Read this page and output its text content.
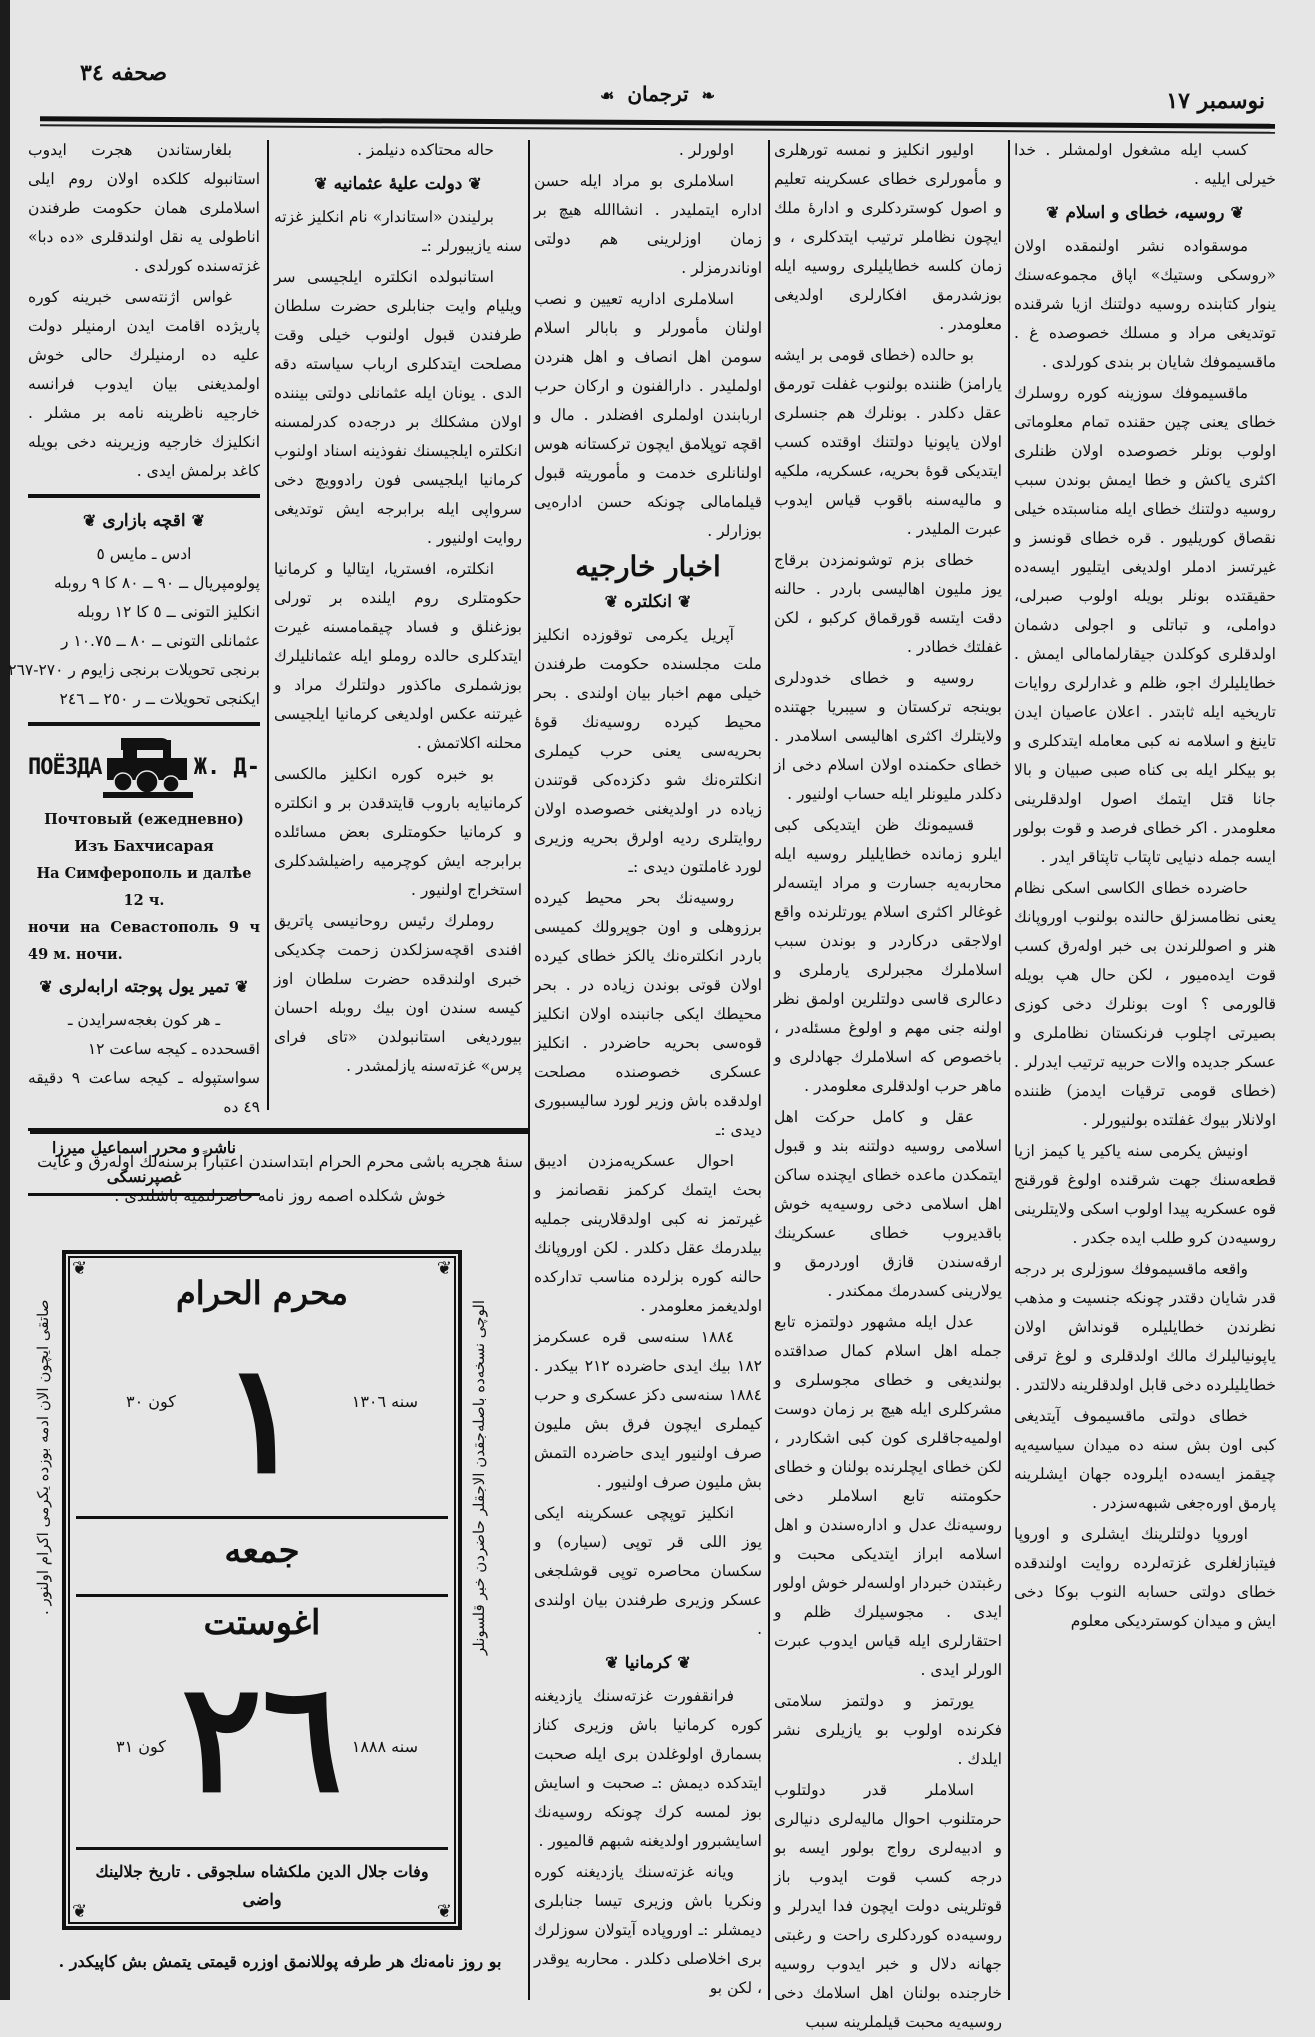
صحفه ٣٤
❧ ترجمان ☙	نوسمبر ١٧

بلغارستاندن هجرت ایدوب استانبوله كلكده اولان روم ایلی اسلاملری همان حكومت طرفندن اناطولی یه نقل اولندقلری «ده دبا» غزته‌سنده كورلدی .

غواس اژنته‌سی خبرینه كوره پاریژده اقامت ایدن ارمنیلر دولت علیه ده ارمنیلرك حالی خوش اولمدیغنی بیان ایدوب فرانسه خارجیه ناظرینه نامه بر مشلر . انكلیزك خارجیه وزیرینه دخی بویله كاغد برلمش ایدی .

❦اقچه بازاری❦
ادس ـ مایس ٥
پولومپریال ــ ٩٠ ــ ٨٠ كا ٩ روبله
انكلیز التونی ــ ٥ كا ١٢ روبله
عثمانلی التونی ــ ٨٠ ــ ١٠.٧٥ ر
برنجی تحویلات برنجی زایوم ر ٢٧٠-٢٦٧
ایكنجی تحویلات ــ ر ٢٥٠ ــ ٢٤٦
ПОЁЗДА	Ж. Д-
Почтовый (ежедневно)
Изъ Бахчисарая
На Симферополь и далѣе 12 ч.
ночи на Севастополь 9 ч
49 м. ночи.
❦تمیر یول پوجته ارابه‌لری❦
ـ هر كون بغجه‌سرایدن ـ
اقسحدده ـ كیجه ساعت ١٢
سواستپوله ـ كیجه ساعت ٩ دقیقه ٤٩ ده
ناشر و محرر اسماعیل میرزا غصپرنسكی

حاله محتاكده دنیلمز .

❦دولت علیهٔ عثمانیه❦

برلیندن «استاندار» نام انكلیز غزته سنه یازیبورلر :ـ

استانبولده انكلتره ایلجیسی سر ویلیام وایت جنابلری حضرت سلطان طرفندن قبول اولنوب خیلی وقت مصلحت ایتدكلری ارباب سیاسته دقه الدی . یونان ایله عثمانلی دولتی بیننده اولان مشكلك بر درجه‌ده كدرلمسنه انكلتره ایلجیسنك نفوذینه اسناد اولنوب كرمانیا ایلجیسی فون رادوویچ دخی سرواپی ایله برابرجه ایش توتدیغی روایت اولنیور .

انكلتره، افستریا، ایتالیا و كرمانیا حكومتلری روم ایلنده بر تورلی بوزغنلق و فساد چیقمامسنه غیرت ایتدكلری حالده روملو ایله عثمانلیلرك بوزشملری ماكذور دولتلرك مراد و غیرتنه عكس اولدیغی كرمانیا ایلجیسی محلنه اكلاتمش .

بو خبره كوره انكلیز مالكسی كرمانیایه باروب قایتدقدن بر و انكلتره و كرمانیا حكومتلری بعض مسائلده برابرجه ایش كوچرمیه راضیلشدكلری استخراج اولنیور .

روملرك رئیس روحانیسی پاتریق افندی اقچه‌سزلكدن زحمت چكدیكی خبری اولندقده حضرت سلطان اوز كیسه سندن اون بیك روبله احسان بیوردیغی استانبولدن «تای فرای پرس» غزته‌سنه یازلمشدر .

اولورلر .

اسلاملری بو مراد ایله حسن اداره ایتملیدر . انشاالله هیچ بر زمان اوزلرینی هم دولتی اوناندرمزلر .

اسلاملری اداریه تعیین و نصب اولنان مأمورلر و بابالر اسلام سومن اهل انصاف و اهل هنردن اولملیدر . دارالفنون و اركان حرب اربابندن اولملری افضلدر . مال و اقچه توپلامق ایچون تركستانه هوس اولنانلری خدمت و مأموریته قبول قیلمامالی چونكه حسن اداره‌یی بوزارلر .

اخبار خارجیه
❦انكلتره❦

آپریل یكرمی توقوزده انكلیز ملت مجلسنده حكومت طرفندن خیلی مهم اخبار بیان اولندی . بحر محیط كیرده روسیه‌نك قوهٔ بحریه‌سی یعنی حرب كیملری انكلتره‌نك شو دكزده‌كی قوتندن زیاده در اولدیغنی خصوصده اولان روایتلری ردیه اولرق بحریه وزیری لورد غاملتون دیدی :ـ

روسیه‌نك بحر محیط كیرده برزوهلی و اون جوپرولك كمیسی باردر انكلتره‌نك یالكز خطای كیرده اولان قوتی بوندن زیاده در . بحر محیطك ایكی جانبنده اولان انكلیز قوه‌سی بحریه حاضردر . انكلیز عسكری خصوصنده مصلحت اولدقده باش وزیر لورد سالیسبوری دیدی :ـ

احوال عسكریه‌مزدن ادیبق بحث ایتمك كركمز نقصانمز و غیرتمز نه كبی اولدقلارینی جملیه بیلدرمك عقل دكلدر . لكن اوروپانك حالنه كوره بزلرده مناسب تداركده اولدیغمز معلومدر .

١٨٨٤ سنه‌سی قره عسكرمز ١٨٢ بیك ایدی حاضرده ٢١٢ بیكدر . ١٨٨٤ سنه‌سی دكز عسكری و حرب كیملری ایچون فرق بش ملیون صرف اولنیور ایدی حاضرده التمش بش ملیون صرف اولنیور .

انكلیز توپچی عسكرینه ایكی یوز اللی قر توپی (سیاره) و سكسان محاصره توپی قوشلجغی عسكر وزیری طرفندن بیان اولندی .

❦كرمانیا❦

فرانقفورت غزته‌سنك یازدیغنه كوره كرمانیا باش وزیری كناز بسمارق اولوغلدن بری ایله صحبت ایتدكده دیمش :ـ صحبت و اسایش بوز لمسه كرك چونكه روسیه‌نك اسایشبرور اولدیغنه شبهم قالمیور .

ویانه غزته‌سنك یازدیغنه كوره ونكریا باش وزیری تیسا جنابلری دیمشلر :ـ اوروپاده آیتولان سوزلرك بری اخلاصلی دكلدر . محاربه یوقدر ، لكن بو

اولیور انكلیز و نمسه تورهلری و مأمورلری خطای عسكرینه تعلیم و اصول كوستردكلری و ادارهٔ ملك ایچون نظاملر ترتیب ایتدكلری ، و زمان كلسه خطایلیلری روسیه ایله بوزشدرمق افكارلری اولدیغی معلومدر .

بو حالده (خطای قومی بر ایشه یارامز) ظننده بولنوب غفلت تورمق عقل دكلدر . بونلرك هم جنسلری اولان یاپونیا دولتنك اوقتده كسب ایتدیكی قوهٔ بحریه، عسكریه، ملكیه و مالیه‌سنه باقوب قیاس ایدوب عبرت الملیدر .

خطای بزم توشونمزدن برقاج یوز ملیون اهالیسی باردر . حالنه دقت ایتسه قورقماق كركبو ، لكن غفلتك خطادر .

روسیه و خطای خدودلری بوینجه تركستان و سیبریا جهتنده ولایتلرك اكثری اهالیسی اسلامدر . خطای حكمنده اولان اسلام دخی از دكلدر ملیونلر ایله حساب اولنیور .

قسیمونك ظن ایتدیكی كبی ایلرو زمانده خطایلیلر روسیه ایله محاربه‌یه جسارت و مراد ایتسه‌لر غوغالر اكثری اسلام یورتلرنده واقع اولاجقی دركاردر و بوندن سبب اسلاملرك مجبرلری یارملری و دعالری قاسی دولتلرین اولمق نظر اولنه جنی مهم و اولوغ مسئله‌در ، باخصوص كه اسلاملرك جهادلری و ماهر حرب اولدقلری معلومدر .

عقل و كامل حركت اهل اسلامی روسیه دولتنه بند و قبول ایتمكدن ماعده خطای ایچنده ساكن اهل اسلامی دخی روسیه‌یه خوش باقدیروب خطای عسكرینك ارقه‌سندن قازق اوردرمق و یولارینی كسدرمك ممكندر .

عدل ایله مشهور دولتمزه تابع جمله اهل اسلام كمال صداقتده بولندیغی و خطای مجوسلری و مشركلری ایله هیچ بر زمان دوست اولمیه‌جاقلری كون كبی اشكاردر ، لكن خطای ایچلرنده بولنان و خطای حكومتنه تابع اسلاملر دخی روسیه‌نك عدل و اداره‌سندن و اهل اسلامه ابراز ایتدیكی محبت و رغبتدن خبردار اولسه‌لر خوش اولور ایدی . مجوسیلرك ظلم و احتقارلری ایله قیاس ایدوب عبرت الورلر ایدی .

یورتمز و دولتمز سلامتی فكرنده اولوب بو یازیلری نشر ایلدك .

اسلاملر قدر دولتلوب حرمتلنوب احوال مالیه‌لری دنیالری و ادبیه‌لری رواج بولور ایسه بو درجه كسب قوت ایدوب باز قوتلرینی دولت ایچون فدا ایدرلر و روسیه‌ده كوردكلری راحت و رغبتی جهانه دلال و خبر ایدوب روسیه خارجنده بولنان اهل اسلامك دخی روسیه‌یه محبت قیلملرینه سبب

كسب ایله مشغول اولمشلر . خدا خیرلی ایلیه .

❦روسیه، خطای و اسلام❦

موسقواده نشر اولنمقده اولان «روسكی وستیك» اپاق مجموعه‌سنك ینوار كتابنده روسیه دولتنك ازیا شرقنده توتدیغی مراد و مسلك خصوصده غ . ماقسیموفك شایان بر بندی كورلدی .

ماقسیموفك سوزینه كوره روسلرك خطای یعنی چین حقنده تمام معلوماتی اولوب بونلر خصوصده اولان ظنلری اكثری یاكش و خطا ایمش بوندن سبب روسیه دولتنك خطای ایله مناسبتده خیلی نقصاق كوریلیور . قره خطای قونسز و غیرتسز ادملر اولدیغی ایتلیور ایسه‌ده حقیقتده بونلر بویله اولوب صبرلی، دواملی، و تباتلی و اجولی دشمان اولدقلری كوكلدن جیقارلمامالی ایمش . خطایلیلرك اجو، ظلم و غدارلری روایات تاریخیه ایله ثابتدر . اعلان عاصیان ایدن تاینغ و اسلامه نه كبی معامله ایتدكلری و بو بیكلر ایله بی كناه صبی صبیان و بالا جانا قتل ایتمك اصول اولدقلرینی معلومدر . اكر خطای فرصد و قوت بولور ایسه جمله دنیایی تاپتاب تاپتاقر ایدر .

حاضرده خطای الكاسی اسكی نظام یعنی نظامسزلق حالنده بولنوب اوروپانك هنر و اصوللرندن بی خبر اوله‌رق كسب قوت ایده‌میور ، لكن حال هپ بویله قالورمی ؟ اوت بونلرك دخی كوزی بصیرتی اچلوب فرنكستان نظاملری و عسكر جدیده والات حربیه ترتیب ایدرلر . (خطای قومی ترقیات ایدمز) ظننده اولانلار بیوك غفلتده بولنیورلر .

اونیش یكرمی سنه یاكیر یا كیمز ازیا قطعه‌سنك جهت شرقنده اولوغ قورقنج قوه عسكریه پیدا اولوب اسكی ولایتلرینی روسیه‌دن كرو طلب ایده جكدر .

واقعه ماقسیموفك سوزلری بر درجه قدر شایان دقتدر چونكه جنسیت و مذهب نظرندن خطایلیلره قونداش اولان یاپونیالیلرك مالك اولدقلری و لوغ ترقی خطایلیلرده دخی قابل اولدقلرینه دلالتدر .

خطای دولتی ماقسیموف آیتدیغی كبی اون بش سنه ده میدان سیاسیه‌یه چیقمز ایسه‌ده ایلروده جهان ایشلرینه پارمق اوره‌جغی شبهه‌سزدر .

اوروپا دولتلرینك ایشلری و اوروپا فیتبازلغلری غزته‌لرده روایت اولندقده خطای دولتی حسابه النوب بوكا دخی ایش و میدان كوستردیكی معلوم

سنهٔ هجریه باشی محرم الحرام ابتداسندن اعتباراً برسنه‌لك اوله‌رق و غایت خوش شكلده اصمه روز نامه حاضرلنمیه باشلندی .
صاتقی ایچون الان ادمه بوزده یكرمی اكرام اولنور .	الوچی نسخه‌ده باصله‌جقدن الاجقلر حاضردن خبر قلسونلر
❦	❦
❦	❦
محرم الحرام
١	سنه ١٣٠٦
كون ٣٠
جمعه
اغوستت
٢٦ سنه ١٨٨٨
كون ٣١
وفات جلال الدین ملكشاه سلجوقی . تاریخ جلالینك واضی
بو روز نامه‌نك هر طرفه پوللانمق اوزره قیمتی یتمش بش كاپیكدر .
